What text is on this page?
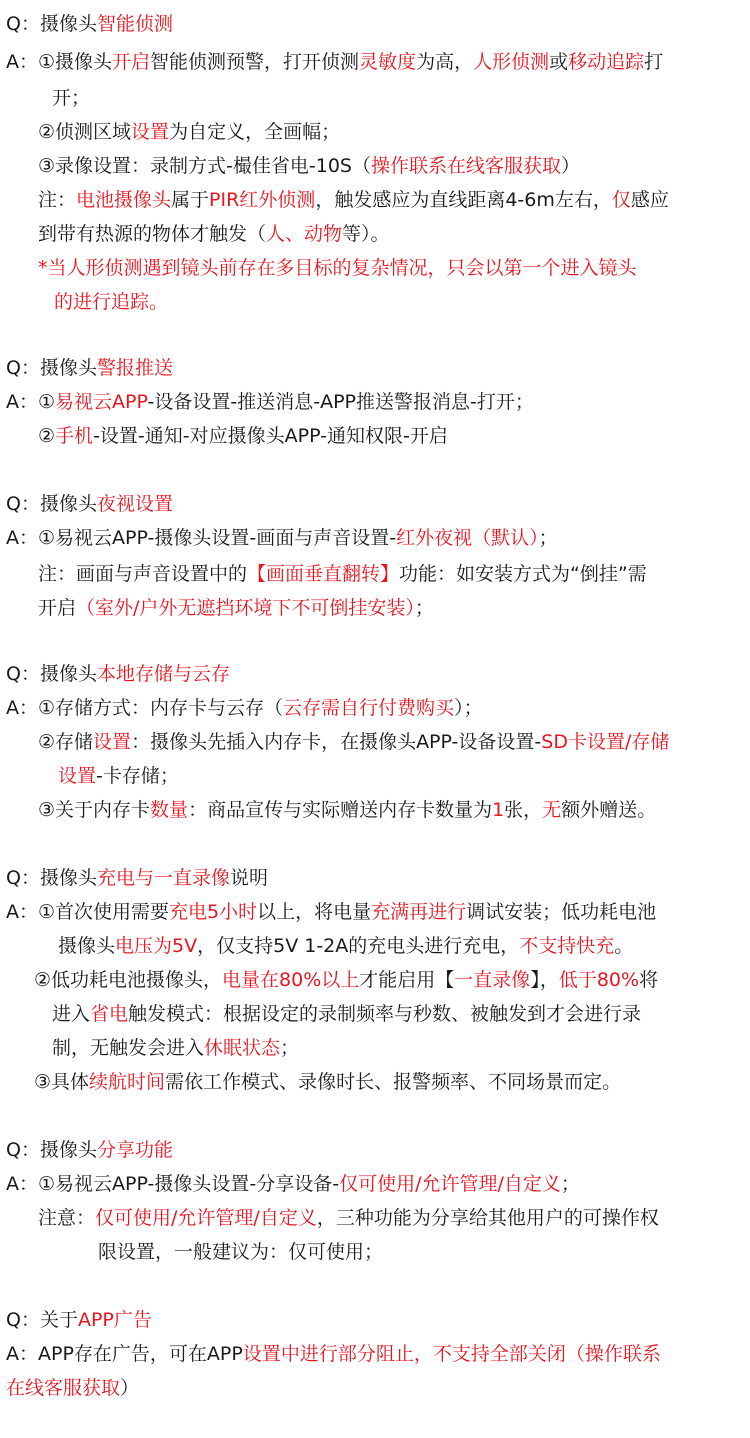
Q：摄像头智能侦测
A：①摄像头开启智能侦测预警，打开侦测灵敏度为高，人形侦测或移动追踪打
开；
②侦测区域设置为自定义，全画幅；
③录像设置：录制方式-樶佳省电-10S（操作联系在线客服获取）
注：电池摄像头属于PIR红外侦测，触发感应为直线距离4-6m左右，仅感应
到带有热源的物体才触发（人、动物等）。
*当人形侦测遇到镜头前存在多目标的复杂情况，只会以第一个进入镜头
的进行追踪。
Q：摄像头警报推送
A：①易视云APP-设备设置-推送消息-APP推送警报消息-打开；
②手机-设置-通知-对应摄像头APP-通知权限-开启
Q：摄像头夜视设置
A：①易视云APP-摄像头设置-画面与声音设置-红外夜视（默认）；
注：画面与声音设置中的【画面垂直翻转】功能：如安装方式为“倒挂”需
开启（室外/户外无遮挡环境下不可倒挂安装）；
Q：摄像头本地存储与云存
A：①存储方式：内存卡与云存（云存需自行付费购买）；
②存储设置：摄像头先插入内存卡，在摄像头APP-设备设置-SD卡设置/存储
设置-卡存储；
③关于内存卡数量：商品宣传与实际赠送内存卡数量为1张，无额外赠送。
Q：摄像头充电与一直录像说明
A：①首次使用需要充电5小时以上，将电量充满再进行调试安装；低功耗电池
摄像头电压为5V，仅支持5V 1-2A的充电头进行充电，不支持快充。
②低功耗电池摄像头，电量在80%以上才能启用【一直录像】，低于80%将
进入省电触发模式：根据设定的录制频率与秒数、被触发到才会进行录
制，无触发会进入休眠状态；
③具体续航时间需依工作模式、录像时长、报警频率、不同场景而定。
Q：摄像头分享功能
A：①易视云APP-摄像头设置-分享设备-仅可使用/允许管理/自定义；
注意：仅可使用/允许管理/自定义，三种功能为分享给其他用户的可操作权
限设置，一般建议为：仅可使用；
Q：关于APP广告
A：APP存在广告，可在APP设置中进行部分阻止，不支持全部关闭（操作联系
在线客服获取）
